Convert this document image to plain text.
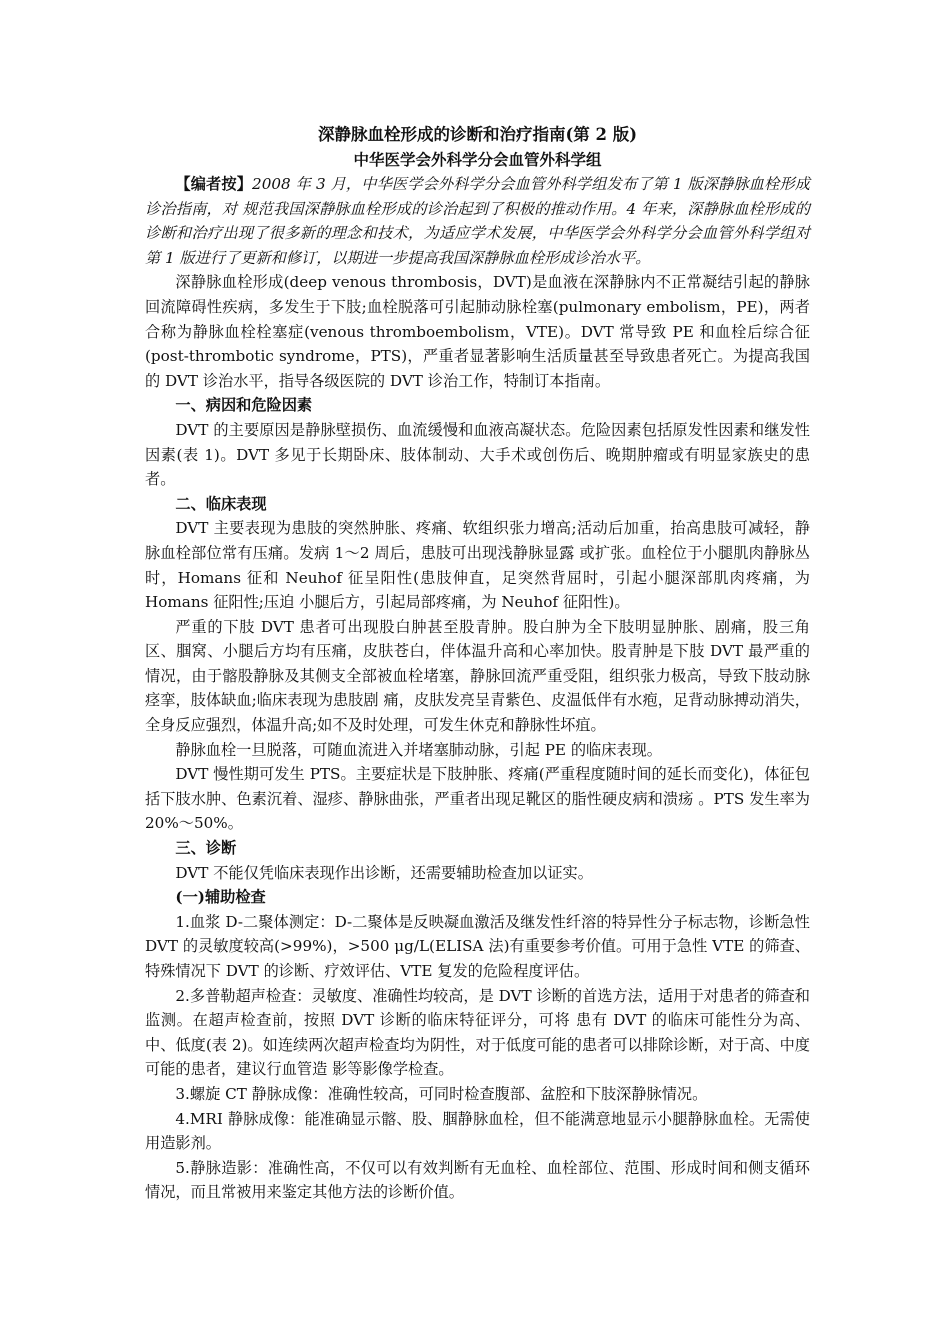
深静脉血栓形成的诊断和治疗指南(第 2 版)
中华医学会外科学分会血管外科学组

【编者按】2008 年 3 月，中华医学会外科学分会血管外科学组发布了第 1 版深静脉血栓形成诊治指南，对 规范我国深静脉血栓形成的诊治起到了积极的推动作用。4 年来，深静脉血栓形成的诊断和治疗出现了很多新的理念和技术，为适应学术发展，中华医学会外科学分会血管外科学组对第 1 版进行了更新和修订，以期进一步提高我国深静脉血栓形成诊治水平。

深静脉血栓形成(deep venous thrombosis，DVT)是血液在深静脉内不正常凝结引起的静脉回流障碍性疾病，多发生于下肢;血栓脱落可引起肺动脉栓塞(pulmonary embolism，PE)，两者合称为静脉血栓栓塞症(venous thromboembolism，VTE)。DVT 常导致 PE 和血栓后综合征(post-thrombotic syndrome，PTS)，严重者显著影响生活质量甚至导致患者死亡。为提高我国的 DVT 诊治水平，指导各级医院的 DVT 诊治工作，特制订本指南。

一、病因和危险因素

DVT 的主要原因是静脉壁损伤、血流缓慢和血液高凝状态。危险因素包括原发性因素和继发性因素(表 1)。DVT 多见于长期卧床、肢体制动、大手术或创伤后、晚期肿瘤或有明显家族史的患者。

二、临床表现

DVT 主要表现为患肢的突然肿胀、疼痛、软组织张力增高;活动后加重，抬高患肢可减轻，静脉血栓部位常有压痛。发病 1～2 周后，患肢可出现浅静脉显露 或扩张。血栓位于小腿肌肉静脉丛时，Homans 征和 Neuhof 征呈阳性(患肢伸直，足突然背屈时，引起小腿深部肌肉疼痛，为 Homans 征阳性;压迫 小腿后方，引起局部疼痛，为 Neuhof 征阳性)。

严重的下肢 DVT 患者可出现股白肿甚至股青肿。股白肿为全下肢明显肿胀、剧痛，股三角区、腘窝、小腿后方均有压痛，皮肤苍白，伴体温升高和心率加快。股青肿是下肢 DVT 最严重的情况，由于髂股静脉及其侧支全部被血栓堵塞，静脉回流严重受阻，组织张力极高，导致下肢动脉痉挛，肢体缺血;临床表现为患肢剧 痛，皮肤发亮呈青紫色、皮温低伴有水疱，足背动脉搏动消失，全身反应强烈，体温升高;如不及时处理，可发生休克和静脉性坏疽。

静脉血栓一旦脱落，可随血流进入并堵塞肺动脉，引起 PE 的临床表现。

DVT 慢性期可发生 PTS。主要症状是下肢肿胀、疼痛(严重程度随时间的延长而变化)，体征包括下肢水肿、色素沉着、湿疹、静脉曲张，严重者出现足靴区的脂性硬皮病和溃疡 。PTS 发生率为 20%～50%。

三、诊断

DVT 不能仅凭临床表现作出诊断，还需要辅助检查加以证实。

(一)辅助检查

1.血浆 D-二聚体测定：D-二聚体是反映凝血激活及继发性纤溶的特异性分子标志物，诊断急性 DVT 的灵敏度较高(>99%)，>500 μg/L(ELISA 法)有重要参考价值。可用于急性 VTE 的筛查、特殊情况下 DVT 的诊断、疗效评估、VTE 复发的危险程度评估。

2.多普勒超声检查：灵敏度、准确性均较高，是 DVT 诊断的首选方法，适用于对患者的筛查和监测。在超声检查前，按照 DVT 诊断的临床特征评分，可将 患有 DVT 的临床可能性分为高、中、低度(表 2)。如连续两次超声检查均为阴性，对于低度可能的患者可以排除诊断，对于高、中度可能的患者，建议行血管造 影等影像学检查。

3.螺旋 CT 静脉成像：准确性较高，可同时检查腹部、盆腔和下肢深静脉情况。

4.MRI 静脉成像：能准确显示髂、股、腘静脉血栓，但不能满意地显示小腿静脉血栓。无需使用造影剂。

5.静脉造影：准确性高，不仅可以有效判断有无血栓、血栓部位、范围、形成时间和侧支循环情况，而且常被用来鉴定其他方法的诊断价值。
